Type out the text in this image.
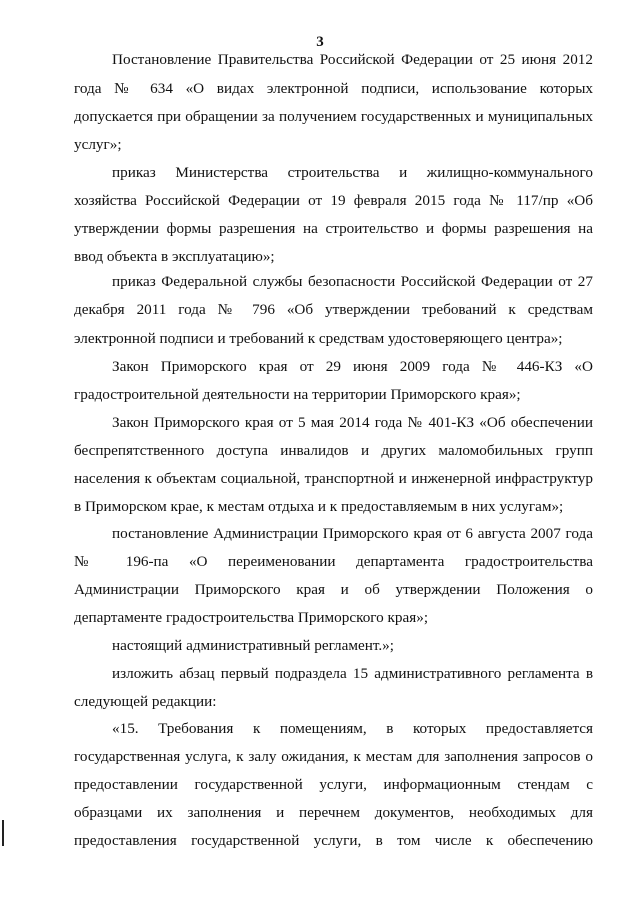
3
Постановление Правительства Российской Федерации от 25 июня 2012
года № 634 «О видах электронной подписи, использование которых
допускается при обращении за получением государственных и муниципальных
услуг»;
приказ Министерства строительства и жилищно-коммунального
хозяйства Российской Федерации от 19 февраля 2015 года № 117/пр «Об
утверждении формы разрешения на строительство и формы разрешения на
ввод объекта в эксплуатацию»;
приказ Федеральной службы безопасности Российской Федерации от 27
декабря 2011 года № 796 «Об утверждении требований к средствам
электронной подписи и требований к средствам удостоверяющего центра»;
Закон Приморского края от 29 июня 2009 года № 446-КЗ «О
градостроительной деятельности на территории Приморского края»;
Закон Приморского края от 5 мая 2014 года № 401-КЗ «Об обеспечении
беспрепятственного доступа инвалидов и других маломобильных групп
населения к объектам социальной, транспортной и инженерной инфраструктур
в Приморском крае, к местам отдыха и к предоставляемым в них услугам»;
постановление Администрации Приморского края от 6 августа 2007 года
№ 196-па «О переименовании департамента градостроительства
Администрации Приморского края и об утверждении Положения о
департаменте градостроительства Приморского края»;
настоящий административный регламент.»;
изложить абзац первый подраздела 15 административного регламента в
следующей редакции:
«15. Требования к помещениям, в которых предоставляется
государственная услуга, к залу ожидания, к местам для заполнения запросов о
предоставлении государственной услуги, информационным стендам с
образцами их заполнения и перечнем документов, необходимых для
предоставления государственной услуги, в том числе к обеспечению
